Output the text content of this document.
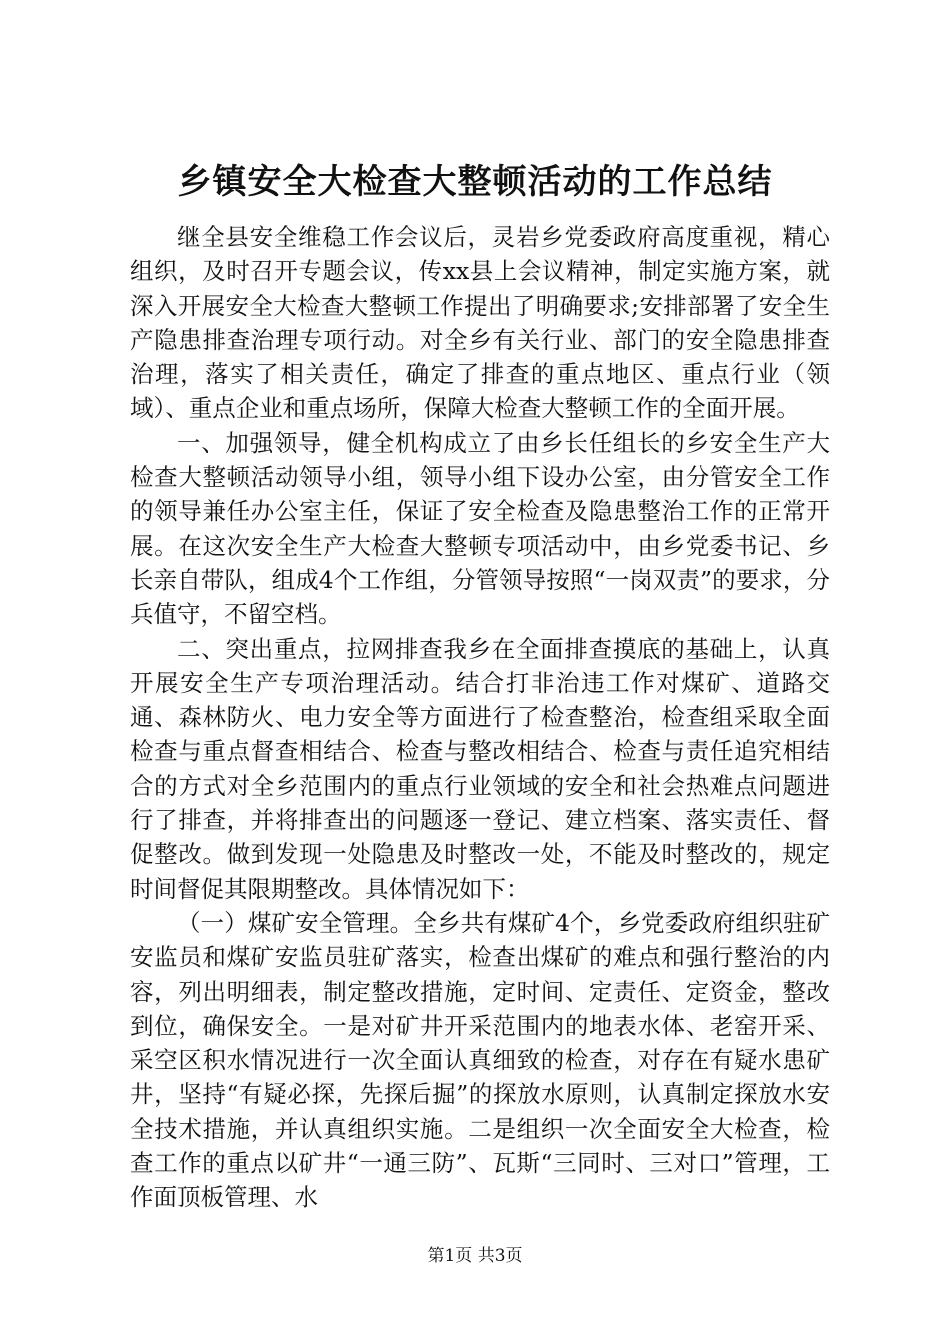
乡镇安全大检查大整顿活动的工作总结

继全县安全维稳工作会议后，灵岩乡党委政府高度重视，精心组织，及时召开专题会议，传xx县上会议精神，制定实施方案，就深入开展安全大检查大整顿工作提出了明确要求;安排部署了安全生产隐患排查治理专项行动。对全乡有关行业、部门的安全隐患排查治理，落实了相关责任，确定了排查的重点地区、重点行业（领域）、重点企业和重点场所，保障大检查大整顿工作的全面开展。

一、加强领导，健全机构成立了由乡长任组长的乡安全生产大检查大整顿活动领导小组，领导小组下设办公室，由分管安全工作的领导兼任办公室主任，保证了安全检查及隐患整治工作的正常开展。在这次安全生产大检查大整顿专项活动中，由乡党委书记、乡长亲自带队，组成4个工作组，分管领导按照“一岗双责”的要求，分兵值守，不留空档。

二、突出重点，拉网排查我乡在全面排查摸底的基础上，认真开展安全生产专项治理活动。结合打非治违工作对煤矿、道路交通、森林防火、电力安全等方面进行了检查整治，检查组采取全面检查与重点督查相结合、检查与整改相结合、检查与责任追究相结合的方式对全乡范围内的重点行业领域的安全和社会热难点问题进行了排查，并将排查出的问题逐一登记、建立档案、落实责任、督促整改。做到发现一处隐患及时整改一处，不能及时整改的，规定时间督促其限期整改。具体情况如下：

（一）煤矿安全管理。全乡共有煤矿4个，乡党委政府组织驻矿安监员和煤矿安监员驻矿落实，检查出煤矿的难点和强行整治的内容，列出明细表，制定整改措施，定时间、定责任、定资金，整改到位，确保安全。一是对矿井开采范围内的地表水体、老窑开采、采空区积水情况进行一次全面认真细致的检查，对存在有疑水患矿井，坚持“有疑必探，先探后掘”的探放水原则，认真制定探放水安全技术措施，并认真组织实施。二是组织一次全面安全大检查，检查工作的重点以矿井“一通三防”、瓦斯“三同时、三对口”管理，工作面顶板管理、水

第1页 共3页
